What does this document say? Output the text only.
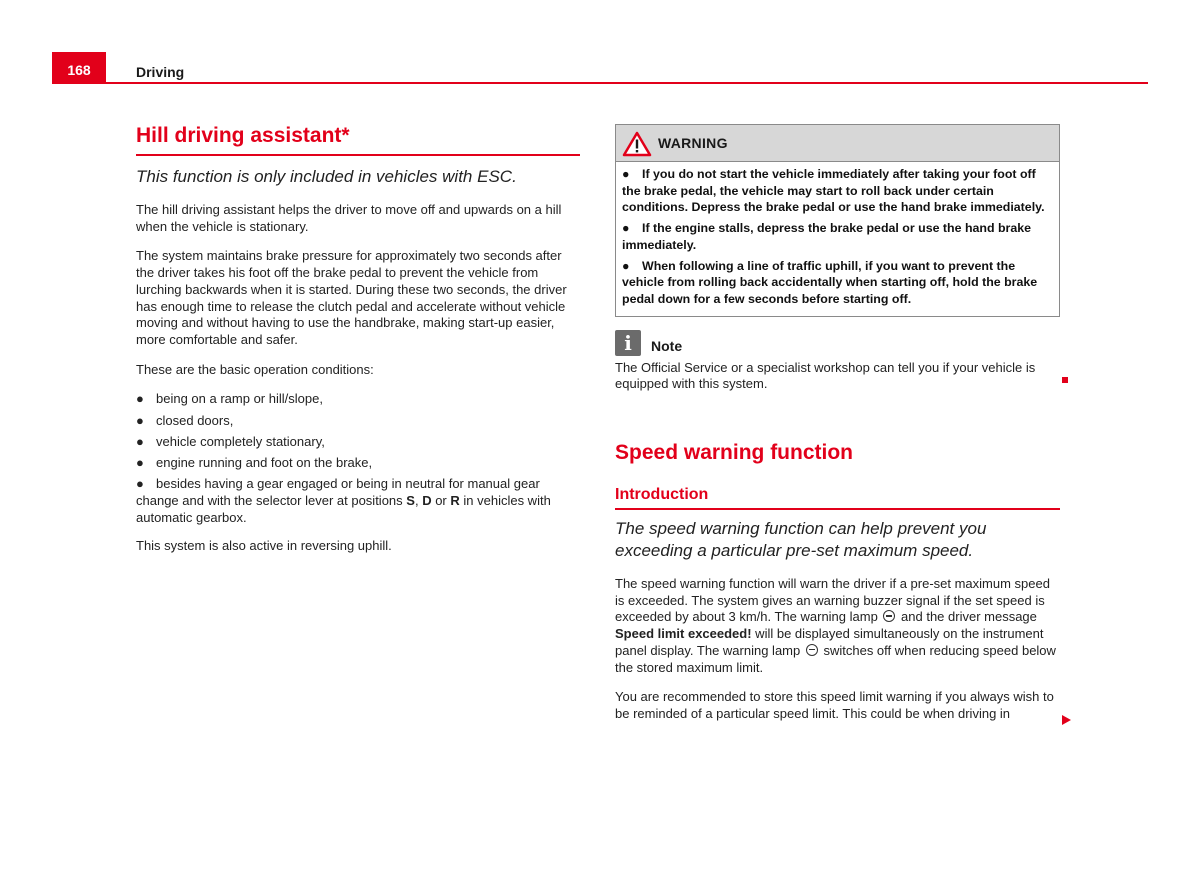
168	Driving
Hill driving assistant*
This function is only included in vehicles with ESC.

The hill driving assistant helps the driver to move off and upwards on a hill when the vehicle is stationary.

The system maintains brake pressure for approximately two seconds after the driver takes his foot off the brake pedal to prevent the vehicle from lurching backwards when it is started. During these two seconds, the driver has enough time to release the clutch pedal and accelerate without vehicle moving and without having to use the handbrake, making start-up easier, more comfortable and safer.

These are the basic operation conditions:

● being on a ramp or hill/slope,
● closed doors,
● vehicle completely stationary,
● engine running and foot on the brake,
● besides having a gear engaged or being in neutral for manual gear change and with the selector lever at positions S, D or R in vehicles with automatic gearbox.

This system is also active in reversing uphill.

WARNING
● If you do not start the vehicle immediately after taking your foot off the brake pedal, the vehicle may start to roll back under certain conditions. Depress the brake pedal or use the hand brake immediately.
● If the engine stalls, depress the brake pedal or use the hand brake immediately.
● When following a line of traffic uphill, if you want to prevent the vehicle from rolling back accidentally when starting off, hold the brake pedal down for a few seconds before starting off.
i	Note

The Official Service or a specialist workshop can tell you if your vehicle is equipped with this system.

Speed warning function
Introduction
The speed warning function can help prevent you exceeding a particular pre-set maximum speed.

The speed warning function will warn the driver if a pre-set maximum speed is exceeded. The system gives an warning buzzer signal if the set speed is exceeded by about 3 km/h. The warning lamp  and the driver message Speed limit exceeded! will be displayed simultaneously on the instrument panel display. The warning lamp  switches off when reducing speed below the stored maximum limit.

You are recommended to store this speed limit warning if you always wish to be reminded of a particular speed limit. This could be when driving in
